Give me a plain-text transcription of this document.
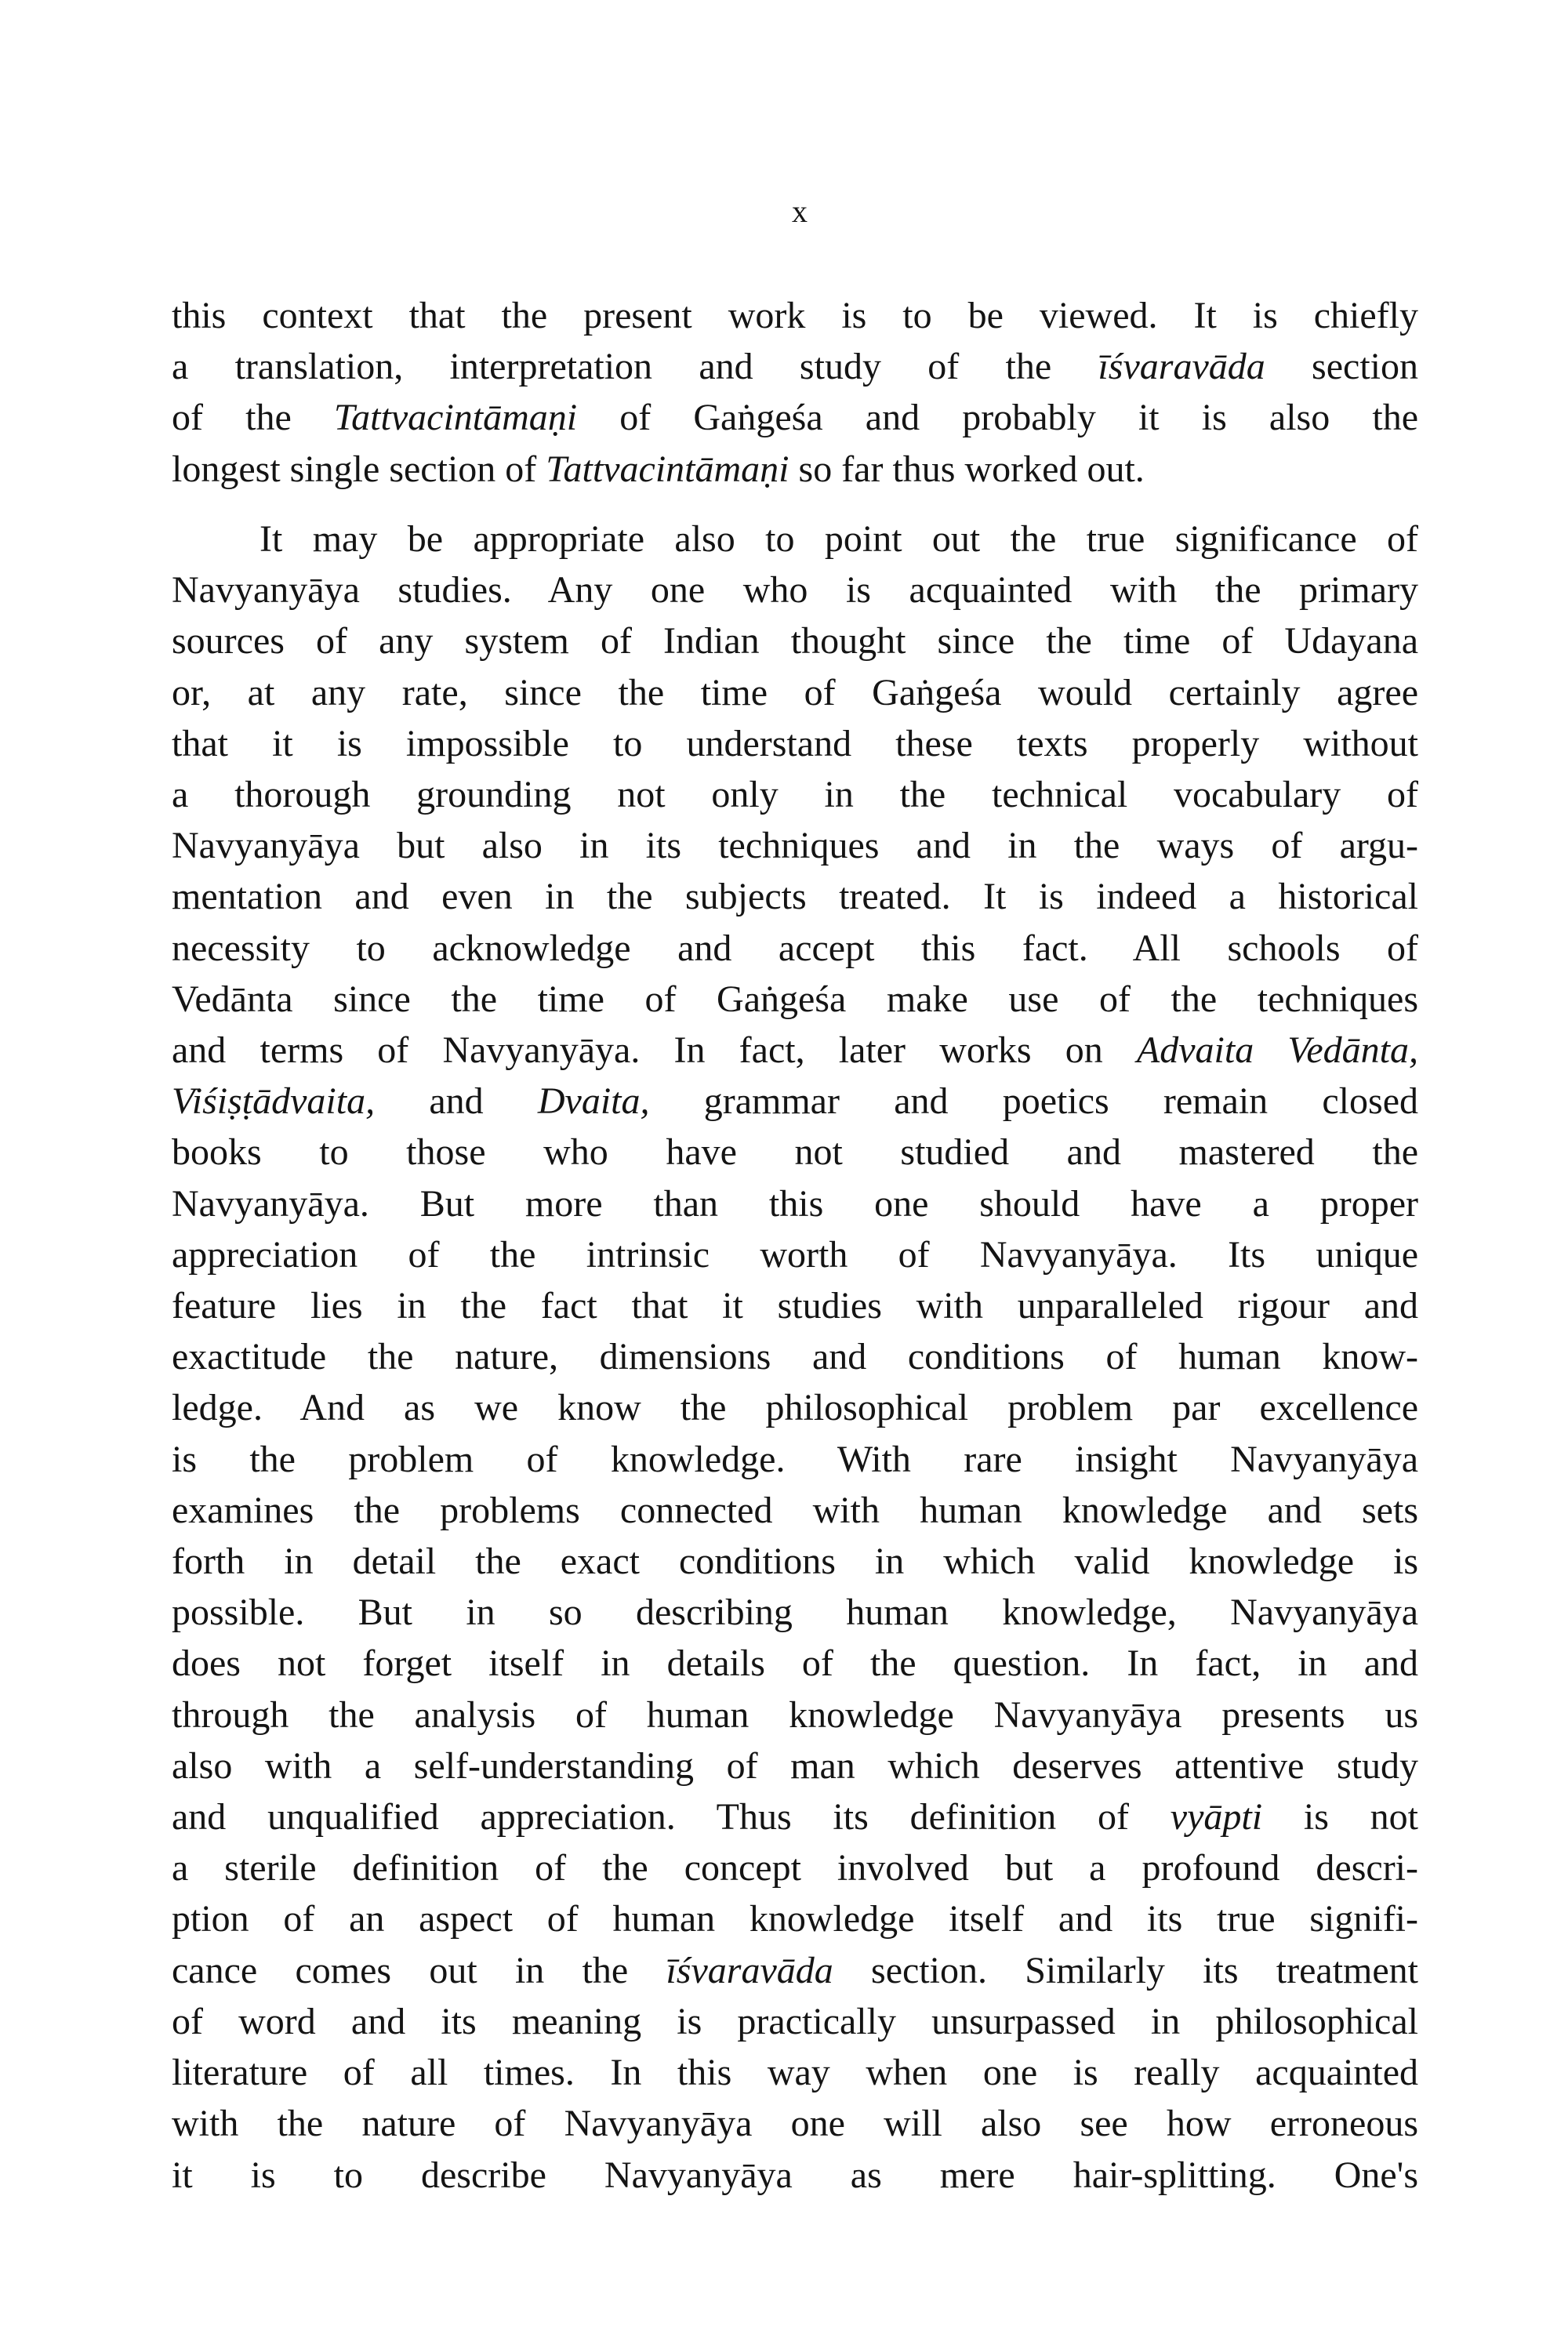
x
this context that the present work is to be viewed. It is chiefly
a translation, interpretation and study of the īśvaravāda section
of the Tattvacintāmaṇi of Gaṅgeśa and probably it is also the
longest single section of Tattvacintāmaṇi so far thus worked out.
It may be appropriate also to point out the true significance of
Navyanyāya studies. Any one who is acquainted with the primary
sources of any system of Indian thought since the time of Udayana
or, at any rate, since the time of Gaṅgeśa would certainly agree
that it is impossible to understand these texts properly without
a thorough grounding not only in the technical vocabulary of
Navyanyāya but also in its techniques and in the ways of argu-
mentation and even in the subjects treated. It is indeed a historical
necessity to acknowledge and accept this fact. All schools of
Vedānta since the time of Gaṅgeśa make use of the techniques
and terms of Navyanyāya. In fact, later works on Advaita Vedānta,
Viśiṣṭādvaita, and Dvaita, grammar and poetics remain closed
books to those who have not studied and mastered the
Navyanyāya. But more than this one should have a proper
appreciation of the intrinsic worth of Navyanyāya. Its unique
feature lies in the fact that it studies with unparalleled rigour and
exactitude the nature, dimensions and conditions of human know-
ledge. And as we know the philosophical problem par excellence
is the problem of knowledge. With rare insight Navyanyāya
examines the problems connected with human knowledge and sets
forth in detail the exact conditions in which valid knowledge is
possible. But in so describing human knowledge, Navyanyāya
does not forget itself in details of the question. In fact, in and
through the analysis of human knowledge Navyanyāya presents us
also with a self-understanding of man which deserves attentive study
and unqualified appreciation. Thus its definition of vyāpti is not
a sterile definition of the concept involved but a profound descri-
ption of an aspect of human knowledge itself and its true signifi-
cance comes out in the īśvaravāda section. Similarly its treatment
of word and its meaning is practically unsurpassed in philosophical
literature of all times. In this way when one is really acquainted
with the nature of Navyanyāya one will also see how erroneous
it is to describe Navyanyāya as mere hair-splitting. One's
